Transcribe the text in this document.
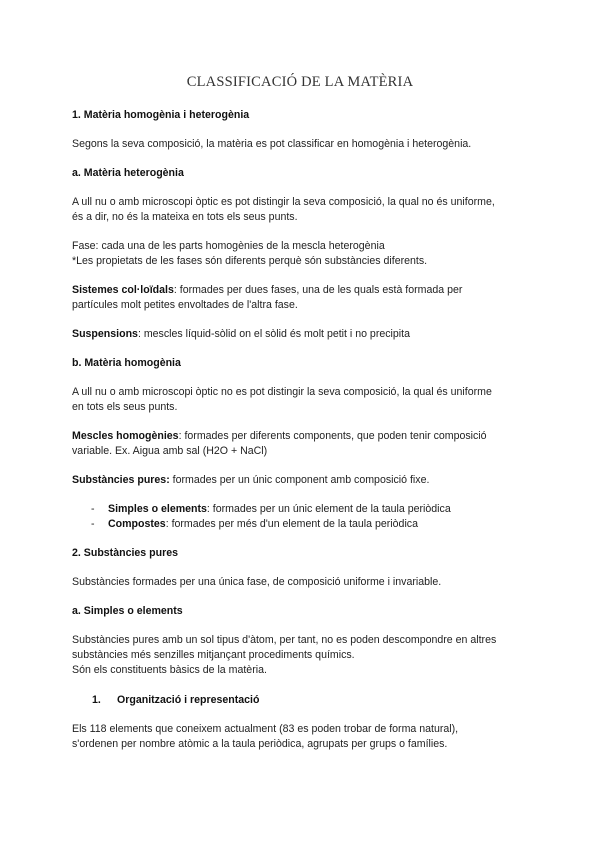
CLASSIFICACIÓ DE LA MATÈRIA

1. Matèria homogènia i heterogènia

Segons la seva composició, la matèria es pot classificar en homogènia i heterogènia.

a. Matèria heterogènia

A ull nu o amb microscopi òptic es pot distingir la seva composició, la qual no és uniforme,

és a dir, no és la mateixa en tots els seus punts.

Fase: cada una de les parts homogènies de la mescla heterogènia

*Les propietats de les fases són diferents perquè són substàncies diferents.

Sistemes col·loïdals: formades per dues fases, una de les quals està formada per

partícules molt petites envoltades de l'altra fase.

Suspensions: mescles líquid-sòlid on el sòlid és molt petit i no precipita

b. Matèria homogènia

A ull nu o amb microscopi òptic no es pot distingir la seva composició, la qual és uniforme

en tots els seus punts.

Mescles homogènies: formades per diferents components, que poden tenir composició

variable. Ex. Aigua amb sal (H2O + NaCl)

Substàncies pures: formades per un únic component amb composició fixe.

- Simples o elements: formades per un únic element de la taula periòdica

- Compostes: formades per més d'un element de la taula periòdica

2. Substàncies pures

Substàncies formades per una única fase, de composició uniforme i invariable.

a. Simples o elements

Substàncies pures amb un sol tipus d'àtom, per tant, no es poden descompondre en altres

substàncies més senzilles mitjançant procediments químics.

Són els constituents bàsics de la matèria.

1. Organització i representació

Els 118 elements que coneixem actualment (83 es poden trobar de forma natural),

s'ordenen per nombre atòmic a la taula periòdica, agrupats per grups o famílies.
